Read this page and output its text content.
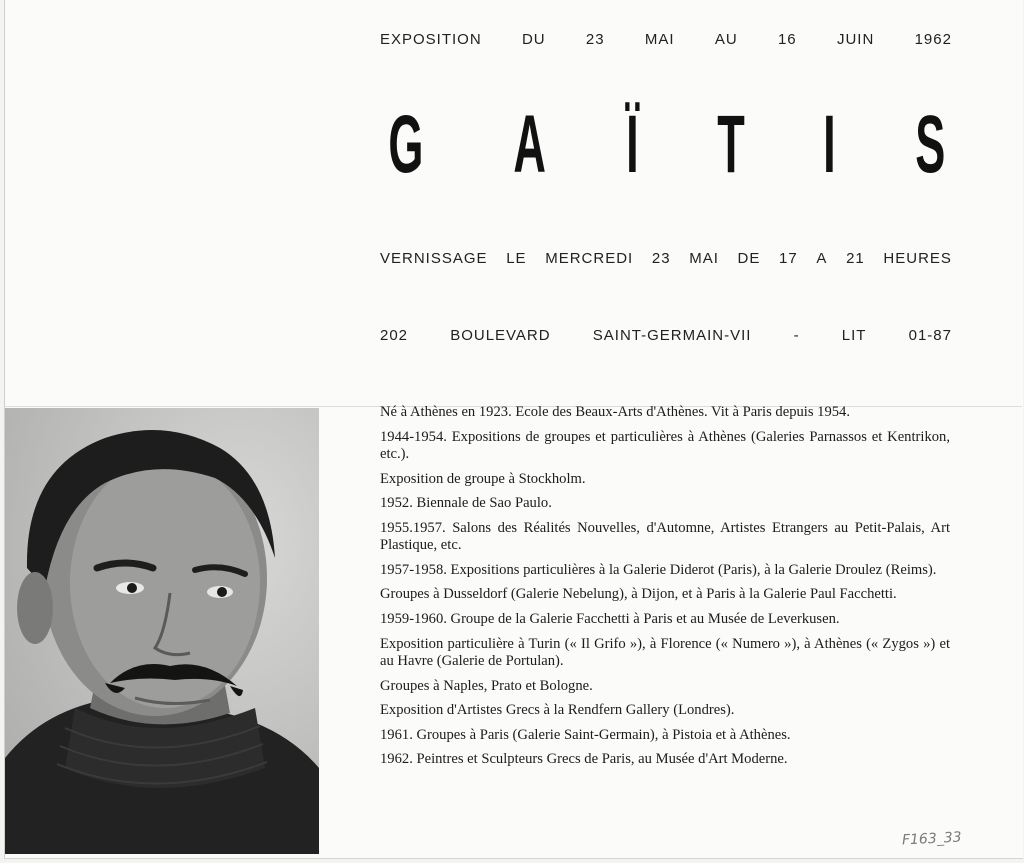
EXPOSITION	DU	23	MAI	AU	16	JUIN	1962
G A Ï T I S
VERNISSAGE LE MERCREDI 23 MAI DE 17 A 21 HEURES
202	BOULEVARD	SAINT-GERMAIN-VII	-	LIT	01-87

Né à Athènes en 1923. Ecole des Beaux-Arts d'Athènes. Vit à Paris depuis 1954.

1944-1954. Expositions de groupes et particulières à Athènes (Galeries Parnassos et Kentrikon, etc.).

Exposition de groupe à Stockholm.

1952. Biennale de Sao Paulo.

1955.1957. Salons des Réalités Nouvelles, d'Automne, Artistes Etrangers au Petit-Palais, Art Plastique, etc.

1957-1958. Expositions particulières à la Galerie Diderot (Paris), à la Galerie Droulez (Reims).

Groupes à Dusseldorf (Galerie Nebelung), à Dijon, et à Paris à la Galerie Paul Facchetti.

1959-1960. Groupe de la Galerie Facchetti à Paris et au Musée de Leverkusen.

Exposition particulière à Turin (« Il Grifo »), à Florence (« Numero »), à Athènes (« Zygos ») et au Havre (Galerie de Portulan).

Groupes à Naples, Prato et Bologne.

Exposition d'Artistes Grecs à la Rendfern Gallery (Londres).

1961. Groupes à Paris (Galerie Saint-Germain), à Pistoia et à Athènes.

1962. Peintres et Sculpteurs Grecs de Paris, au Musée d'Art Moderne.

F163_33
